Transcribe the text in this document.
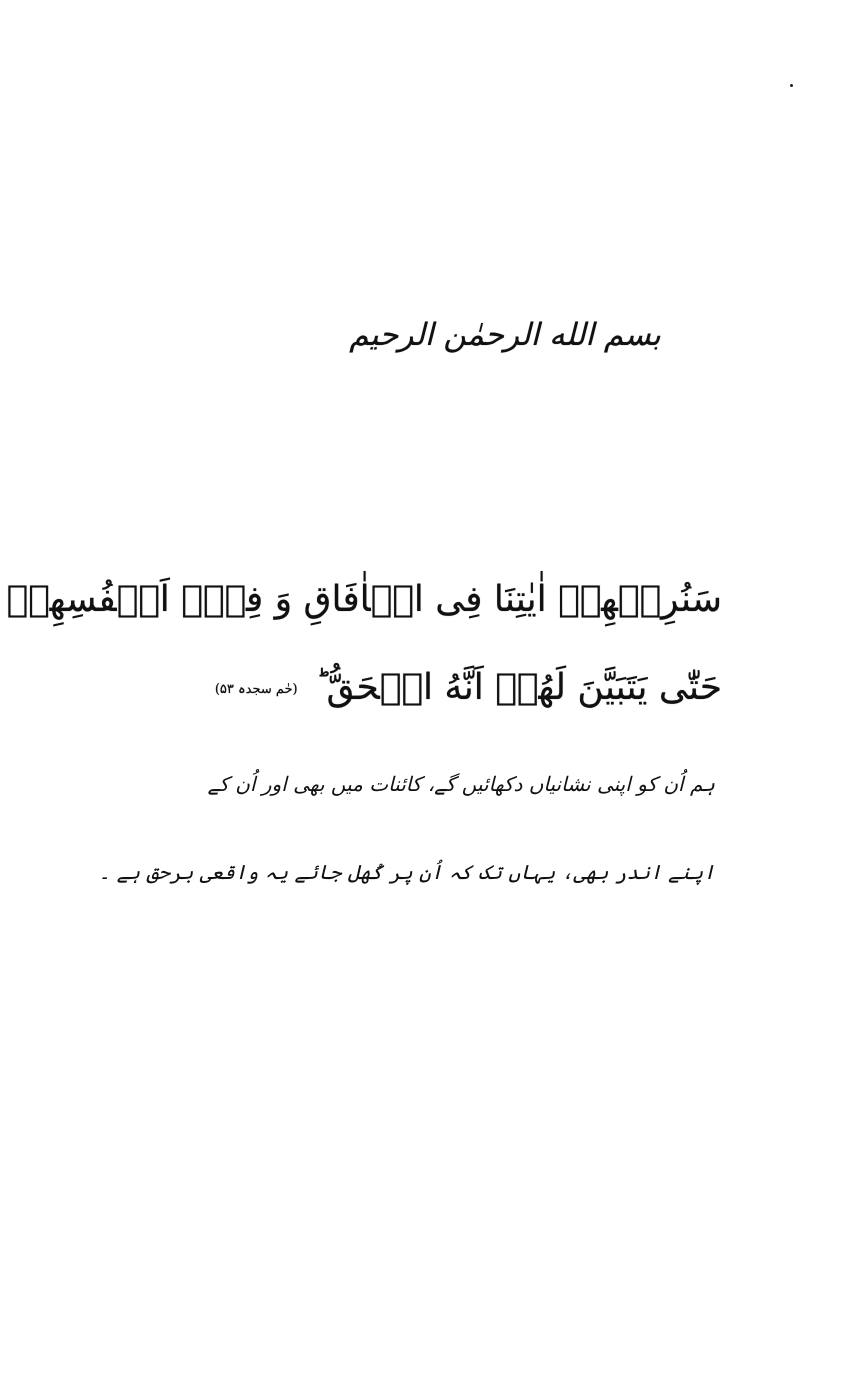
بسم الله الرحمٰن الرحیم
سَنُرِیۡهِمۡ اٰیٰتِنَا فِی الۡاٰفَاقِ وَ فِیۡۤ اَنۡفُسِهِمۡ
حَتّٰی یَتَبَیَّنَ لَهُمۡ اَنَّهُ الۡحَقُّ ؕ (حٰم سجدہ ۵۳)
ہم اُن کو اپنی نشانیاں دکھائیں گے، کائنات میں بھی اور اُن کے
اپنے اندر بھی، یہاں تک کہ اُن پر کُھل جائے یہ واقعی برحق ہے ۔
